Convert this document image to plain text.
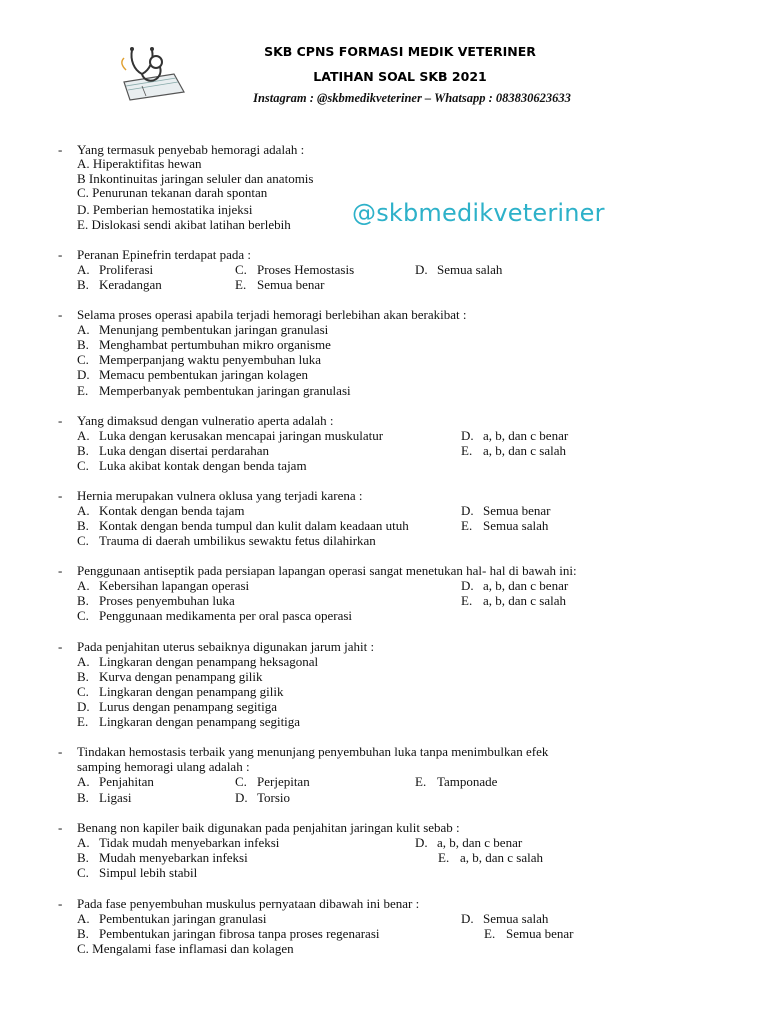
SKB CPNS FORMASI MEDIK VETERINER
LATIHAN SOAL SKB 2021
Instagram : @skbmedikveteriner – Whatsapp : 083830623633
@skbmedikveteriner
- Yang termasuk penyebab hemoragi adalah :
A. Hiperaktifitas hewan
B Inkontinuitas jaringan seluler dan anatomis
C. Penurunan tekanan darah spontan
D. Pemberian hemostatika injeksi
E. Dislokasi sendi akibat latihan berlebih
- Peranan Epinefrin terdapat pada :
A. Proliferasi	C. Proses Hemostasis	D. Semua salah
B. Keradangan	E. Semua benar
- Selama proses operasi apabila terjadi hemoragi berlebihan akan berakibat :
A. Menunjang pembentukan jaringan granulasi
B. Menghambat pertumbuhan mikro organisme
C. Memperpanjang waktu penyembuhan luka
D. Memacu pembentukan jaringan kolagen
E. Memperbanyak pembentukan jaringan granulasi
- Yang dimaksud dengan vulneratio aperta adalah :
A. Luka dengan kerusakan mencapai jaringan muskulatur	D. a, b, dan c benar
B. Luka dengan disertai perdarahan	E. a, b, dan c salah
C. Luka akibat kontak dengan benda tajam
- Hernia merupakan vulnera oklusa yang terjadi karena :
A. Kontak dengan benda tajam	D. Semua benar
B. Kontak dengan benda tumpul dan kulit dalam keadaan utuh	E. Semua salah
C. Trauma di daerah umbilikus sewaktu fetus dilahirkan
- Penggunaan antiseptik pada persiapan lapangan operasi sangat menetukan hal- hal di bawah ini:
A. Kebersihan lapangan operasi	D. a, b, dan c benar
B. Proses penyembuhan luka	E. a, b, dan c salah
C. Penggunaan medikamenta per oral pasca operasi
- Pada penjahitan uterus sebaiknya digunakan jarum jahit :
A. Lingkaran dengan penampang heksagonal
B. Kurva dengan penampang gilik
C. Lingkaran dengan penampang gilik
D. Lurus dengan penampang segitiga
E. Lingkaran dengan penampang segitiga
- Tindakan hemostasis terbaik yang menunjang penyembuhan luka tanpa menimbulkan efek
samping hemoragi ulang adalah :
A. Penjahitan	C. Perjepitan	E. Tamponade
B. Ligasi	D. Torsio
- Benang non kapiler baik digunakan pada penjahitan jaringan kulit sebab :
A. Tidak mudah menyebarkan infeksi	D. a, b, dan c benar
B. Mudah menyebarkan infeksi	E. a, b, dan c salah
C. Simpul lebih stabil
- Pada fase penyembuhan muskulus pernyataan dibawah ini benar :
A. Pembentukan jaringan granulasi	D. Semua salah
B. Pembentukan jaringan fibrosa tanpa proses regenarasi	E. Semua benar
C. Mengalami fase inflamasi dan kolagen
